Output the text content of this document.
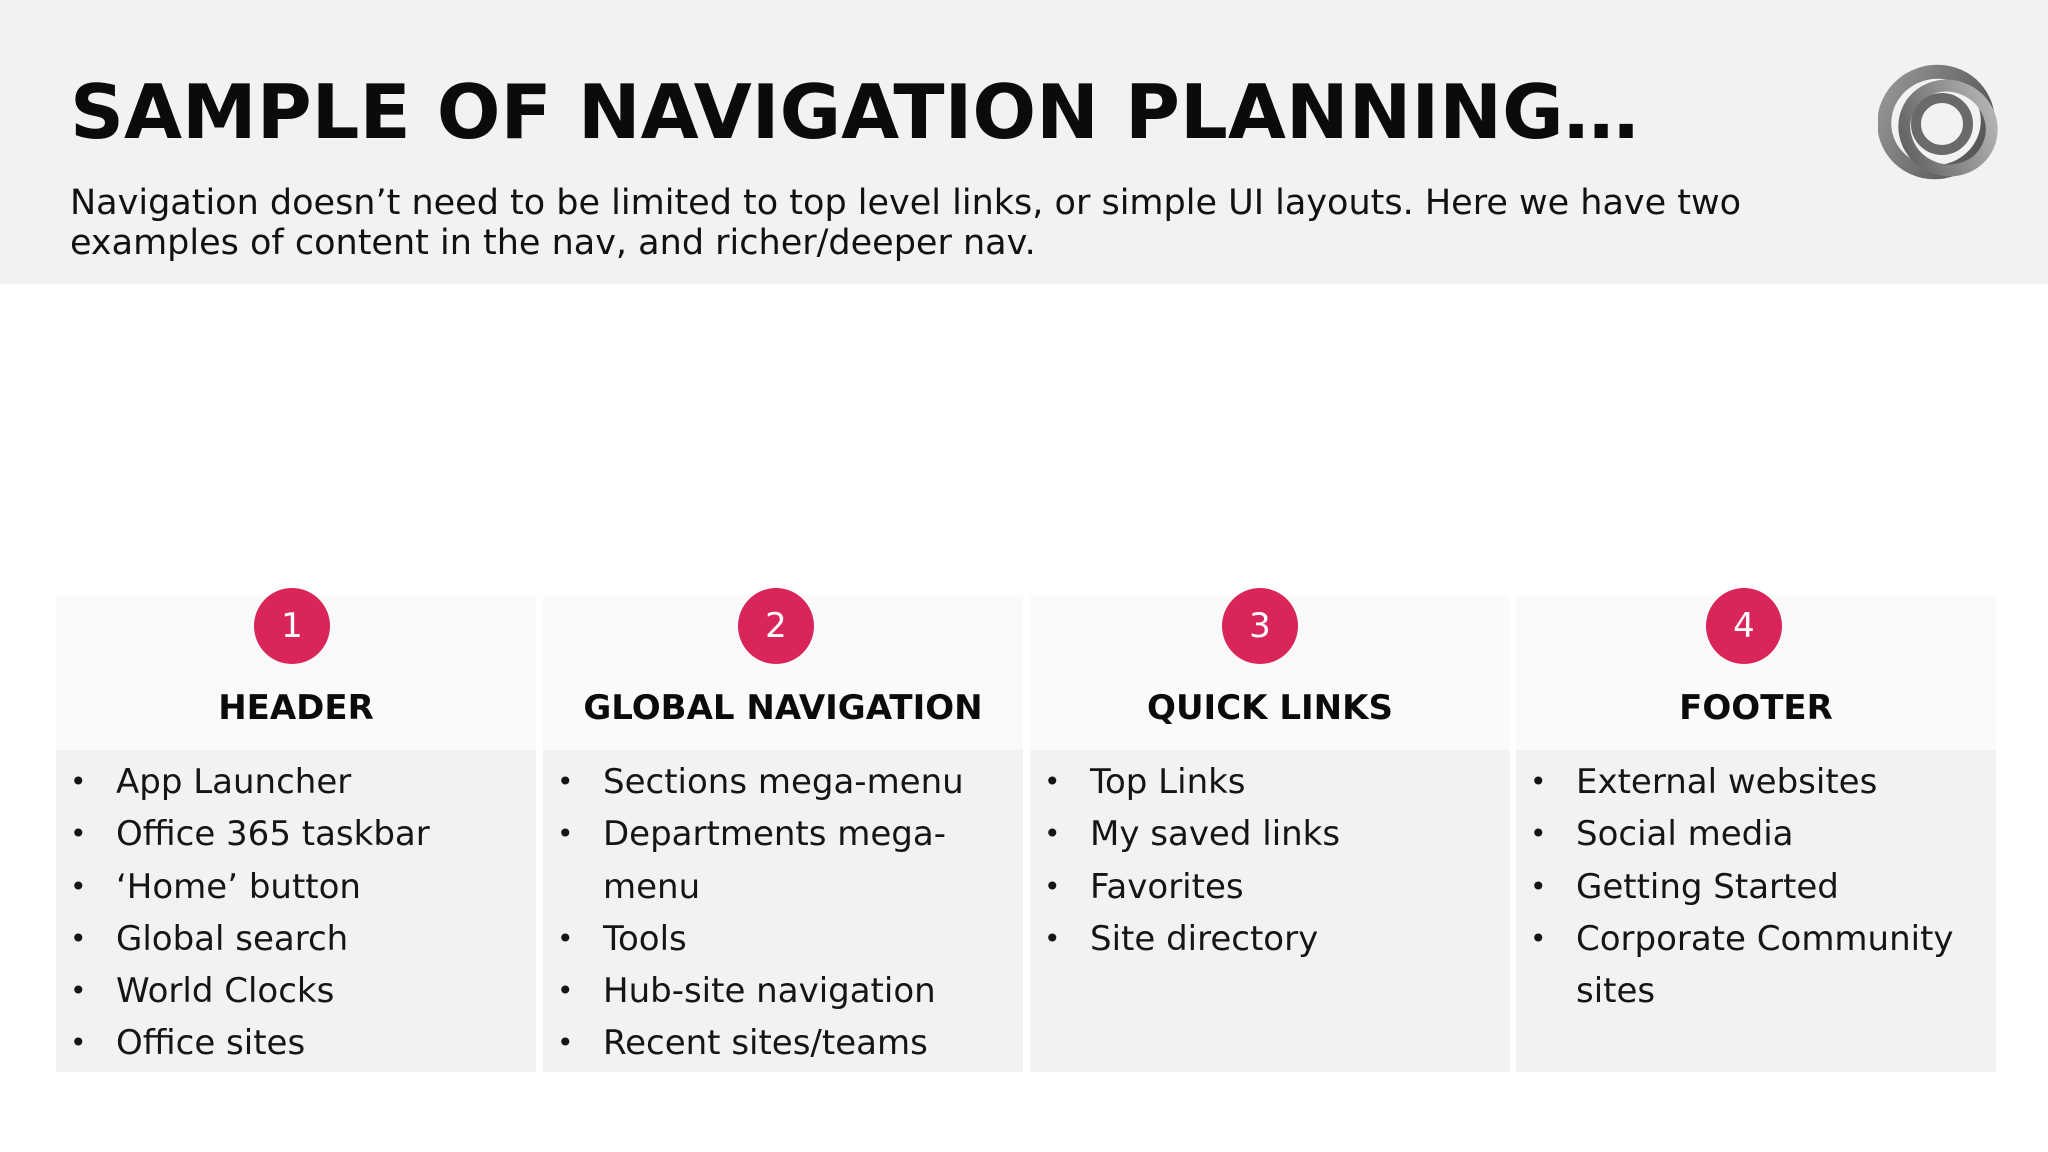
SAMPLE OF NAVIGATION PLANNING…

Navigation doesn’t need to be limited to top level links, or simple UI layouts. Here we have two examples of content in the nav, and richer/deeper nav.

1
HEADER
• App Launcher
• Office 365 taskbar
• ‘Home’ button
• Global search
• World Clocks
• Office sites
2
GLOBAL NAVIGATION
• Sections mega-menu
• Departments mega-menu
• Tools
• Hub-site navigation
• Recent sites/teams
3
QUICK LINKS
• Top Links
• My saved links
• Favorites
• Site directory
4
FOOTER
• External websites
• Social media
• Getting Started
• Corporate Community sites
